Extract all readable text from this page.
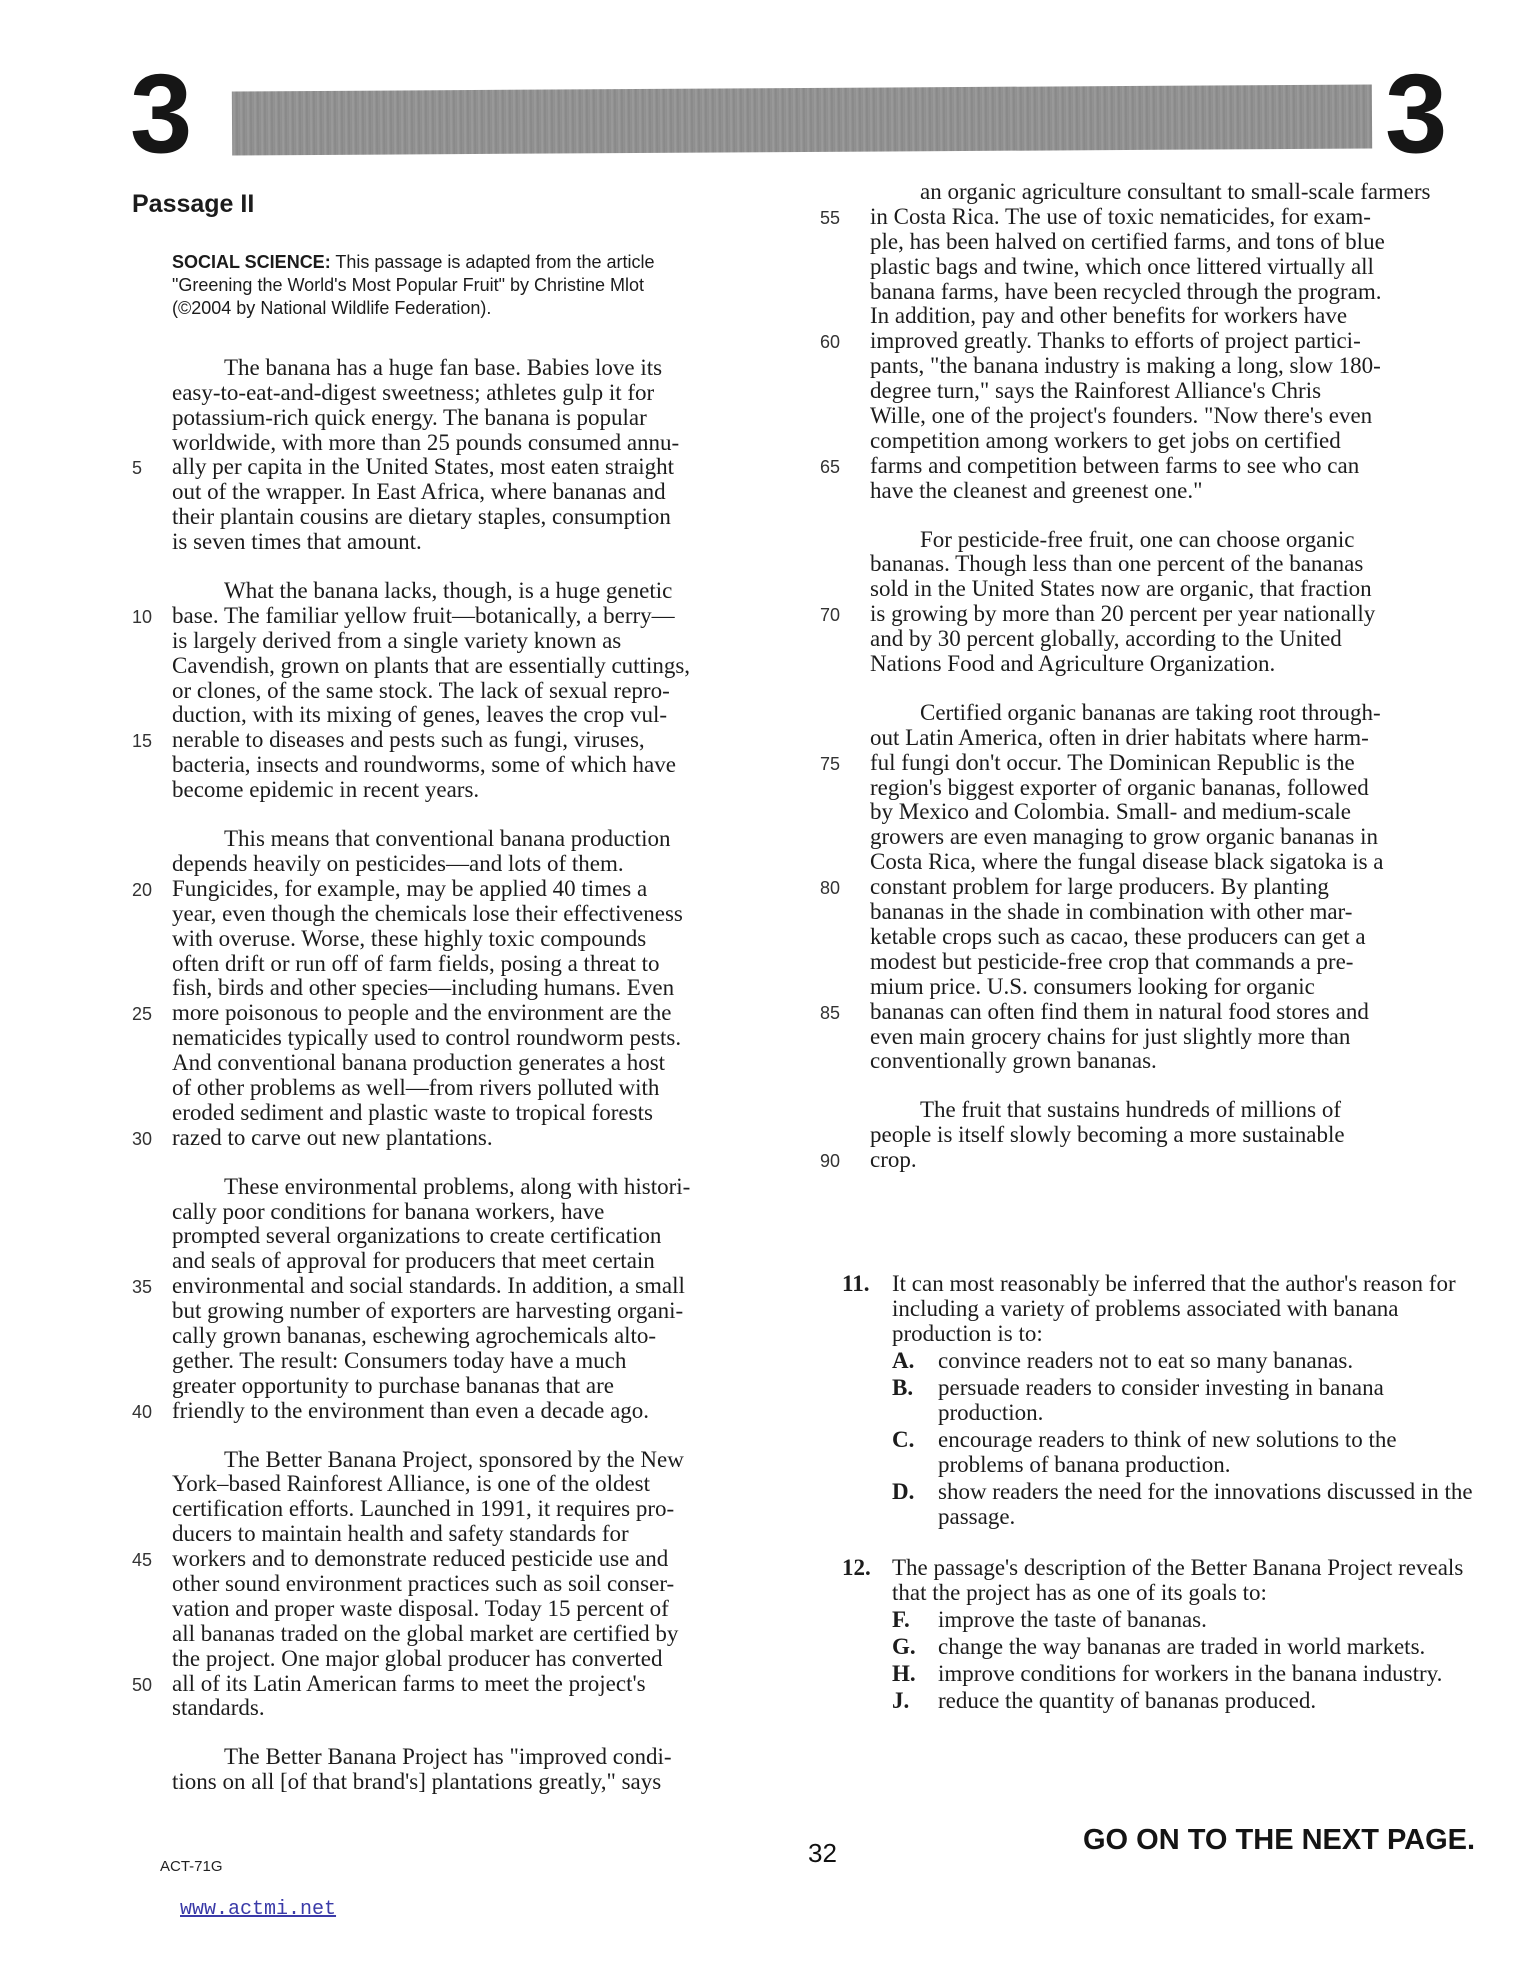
3	3
Passage II
SOCIAL SCIENCE: This passage is adapted from the article
"Greening the World's Most Popular Fruit" by Christine Mlot
(©2004 by National Wildlife Federation).
The banana has a huge fan base. Babies love its
easy-to-eat-and-digest sweetness; athletes gulp it for
potassium-rich quick energy. The banana is popular
worldwide, with more than 25 pounds consumed annu-
5	ally per capita in the United States, most eaten straight
out of the wrapper. In East Africa, where bananas and
their plantain cousins are dietary staples, consumption
is seven times that amount.
What the banana lacks, though, is a huge genetic
10 base. The familiar yellow fruit—botanically, a berry—
is largely derived from a single variety known as
Cavendish, grown on plants that are essentially cuttings,
or clones, of the same stock. The lack of sexual repro-
duction, with its mixing of genes, leaves the crop vul-
15 nerable to diseases and pests such as fungi, viruses,
bacteria, insects and roundworms, some of which have
become epidemic in recent years.
This means that conventional banana production
depends heavily on pesticides—and lots of them.
20 Fungicides, for example, may be applied 40 times a
year, even though the chemicals lose their effectiveness
with overuse. Worse, these highly toxic compounds
often drift or run off of farm fields, posing a threat to
fish, birds and other species—including humans. Even
25 more poisonous to people and the environment are the
nematicides typically used to control roundworm pests.
And conventional banana production generates a host
of other problems as well—from rivers polluted with
eroded sediment and plastic waste to tropical forests
30 razed to carve out new plantations.
These environmental problems, along with histori-
cally poor conditions for banana workers, have
prompted several organizations to create certification
and seals of approval for producers that meet certain
35 environmental and social standards. In addition, a small
but growing number of exporters are harvesting organi-
cally grown bananas, eschewing agrochemicals alto-
gether. The result: Consumers today have a much
greater opportunity to purchase bananas that are
40 friendly to the environment than even a decade ago.
The Better Banana Project, sponsored by the New
York–based Rainforest Alliance, is one of the oldest
certification efforts. Launched in 1991, it requires pro-
ducers to maintain health and safety standards for
45 workers and to demonstrate reduced pesticide use and
other sound environment practices such as soil conser-
vation and proper waste disposal. Today 15 percent of
all bananas traded on the global market are certified by
the project. One major global producer has converted
50 all of its Latin American farms to meet the project's
standards.
The Better Banana Project has "improved condi-
tions on all [of that brand's] plantations greatly," says
an organic agriculture consultant to small-scale farmers
55	in Costa Rica. The use of toxic nematicides, for exam-
ple, has been halved on certified farms, and tons of blue
plastic bags and twine, which once littered virtually all
banana farms, have been recycled through the program.
In addition, pay and other benefits for workers have
60	improved greatly. Thanks to efforts of project partici-
pants, "the banana industry is making a long, slow 180-
degree turn," says the Rainforest Alliance's Chris
Wille, one of the project's founders. "Now there's even
competition among workers to get jobs on certified
65	farms and competition between farms to see who can
have the cleanest and greenest one."
For pesticide-free fruit, one can choose organic
bananas. Though less than one percent of the bananas
sold in the United States now are organic, that fraction
70	is growing by more than 20 percent per year nationally
and by 30 percent globally, according to the United
Nations Food and Agriculture Organization.
Certified organic bananas are taking root through-
out Latin America, often in drier habitats where harm-
75	ful fungi don't occur. The Dominican Republic is the
region's biggest exporter of organic bananas, followed
by Mexico and Colombia. Small- and medium-scale
growers are even managing to grow organic bananas in
Costa Rica, where the fungal disease black sigatoka is a
80	constant problem for large producers. By planting
bananas in the shade in combination with other mar-
ketable crops such as cacao, these producers can get a
modest but pesticide-free crop that commands a pre-
mium price. U.S. consumers looking for organic
85	bananas can often find them in natural food stores and
even main grocery chains for just slightly more than
conventionally grown bananas.
The fruit that sustains hundreds of millions of
people is itself slowly becoming a more sustainable
90	crop.
11. It can most reasonably be inferred that the author's reason for including a variety of problems associated with banana production is to:
A. convince readers not to eat so many bananas.
B. persuade readers to consider investing in banana production.
C. encourage readers to think of new solutions to the problems of banana production.
D. show readers the need for the innovations discussed in the passage.
12. The passage's description of the Better Banana Project reveals that the project has as one of its goals to:
F. improve the taste of bananas.
G. change the way bananas are traded in world markets.
H. improve conditions for workers in the banana industry.
J. reduce the quantity of bananas produced.
ACT-71G
www.actmi.net
32	GO ON TO THE NEXT PAGE.
